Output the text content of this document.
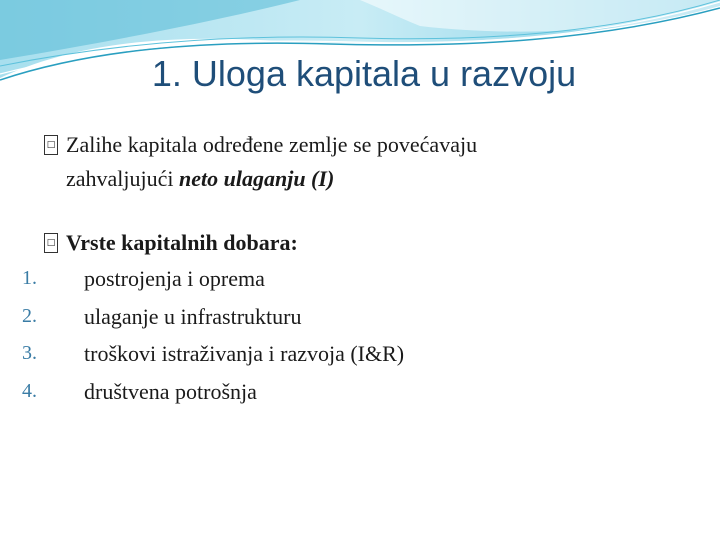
1. Uloga kapitala u razvoju
□ Zalihe kapitala određene zemlje se povećavaju
zahvaljujući neto ulaganju (I)
□ Vrste kapitalnih dobara:
1. postrojenja i oprema
2. ulaganje u infrastrukturu
3. troškovi istraživanja i razvoja (I&R)
4. društvena potrošnja
